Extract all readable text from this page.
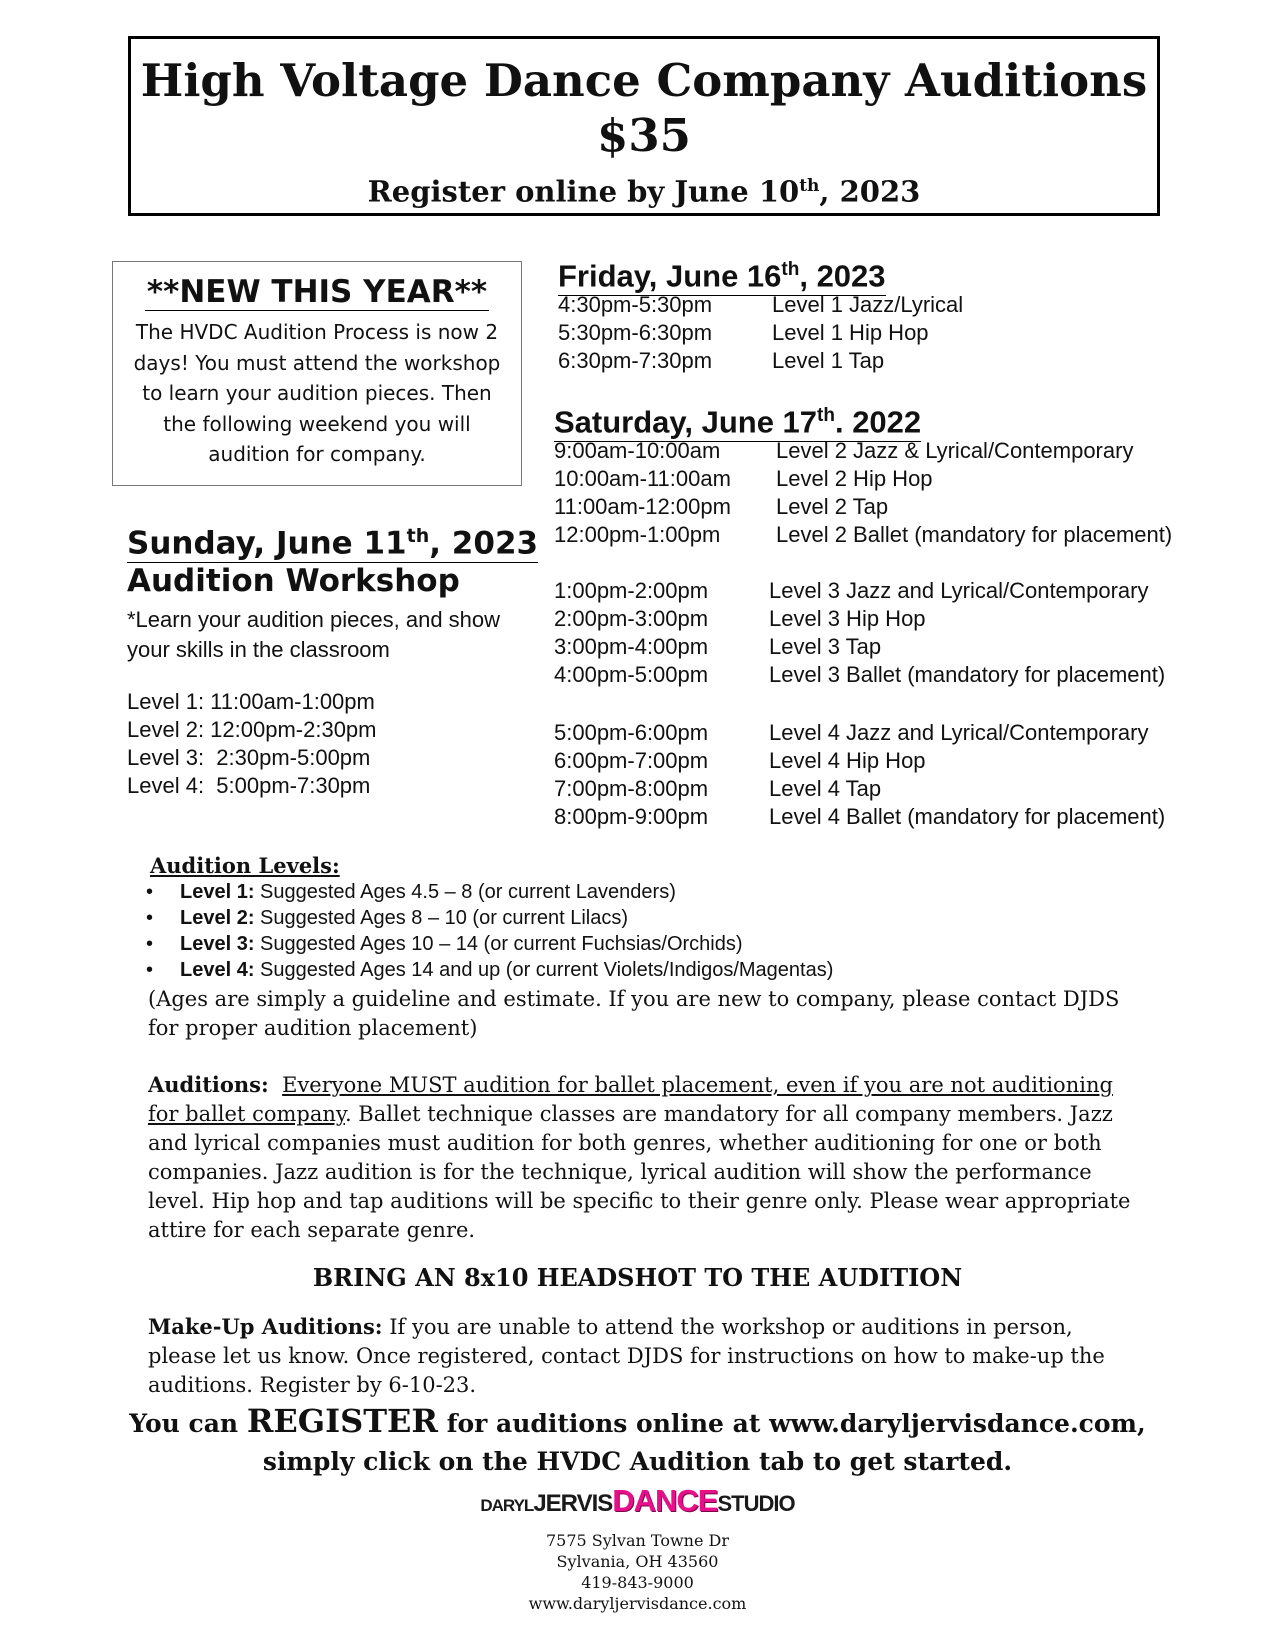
High Voltage Dance Company Auditions
$35
Register online by June 10th, 2023
**NEW THIS YEAR**
The HVDC Audition Process is now 2 days! You must attend the workshop to learn your audition pieces. Then the following weekend you will audition for company.
Sunday, June 11th, 2023
Audition Workshop
*Learn your audition pieces, and show your skills in the classroom
Level 1: 11:00am-1:00pm
Level 2: 12:00pm-2:30pm
Level 3:  2:30pm-5:00pm
Level 4:  5:00pm-7:30pm
Friday, June 16th, 2023
4:30pm-5:30pm	Level 1 Jazz/Lyrical
5:30pm-6:30pm	Level 1 Hip Hop
6:30pm-7:30pm	Level 1 Tap
Saturday, June 17th. 2022
9:00am-10:00am	Level 2 Jazz & Lyrical/Contemporary
10:00am-11:00am Level 2 Hip Hop
11:00am-12:00pm Level 2 Tap
12:00pm-1:00pm	Level 2 Ballet (mandatory for placement)
1:00pm-2:00pm	Level 3 Jazz and Lyrical/Contemporary
2:00pm-3:00pm	Level 3 Hip Hop
3:00pm-4:00pm	Level 3 Tap
4:00pm-5:00pm	Level 3 Ballet (mandatory for placement)
5:00pm-6:00pm	Level 4 Jazz and Lyrical/Contemporary
6:00pm-7:00pm	Level 4 Hip Hop
7:00pm-8:00pm	Level 4 Tap
8:00pm-9:00pm	Level 4 Ballet (mandatory for placement)
Audition Levels:
• Level 1: Suggested Ages 4.5 – 8 (or current Lavenders)
• Level 2: Suggested Ages 8 – 10 (or current Lilacs)
• Level 3: Suggested Ages 10 – 14 (or current Fuchsias/Orchids)
• Level 4: Suggested Ages 14 and up (or current Violets/Indigos/Magentas)
(Ages are simply a guideline and estimate. If you are new to company, please contact DJDS for proper audition placement)
Auditions: Everyone MUST audition for ballet placement, even if you are not auditioning for ballet company. Ballet technique classes are mandatory for all company members. Jazz and lyrical companies must audition for both genres, whether auditioning for one or both companies. Jazz audition is for the technique, lyrical audition will show the performance level. Hip hop and tap auditions will be specific to their genre only. Please wear appropriate attire for each separate genre.
BRING AN 8x10 HEADSHOT TO THE AUDITION
Make-Up Auditions: If you are unable to attend the workshop or auditions in person, please let us know. Once registered, contact DJDS for instructions on how to make-up the auditions. Register by 6-10-23.
You can REGISTER for auditions online at www.daryljervisdance.com,
simply click on the HVDC Audition tab to get started.
DARYLJERVISDANCESTUDIO
7575 Sylvan Towne Dr
Sylvania, OH 43560
419-843-9000
www.daryljervisdance.com
